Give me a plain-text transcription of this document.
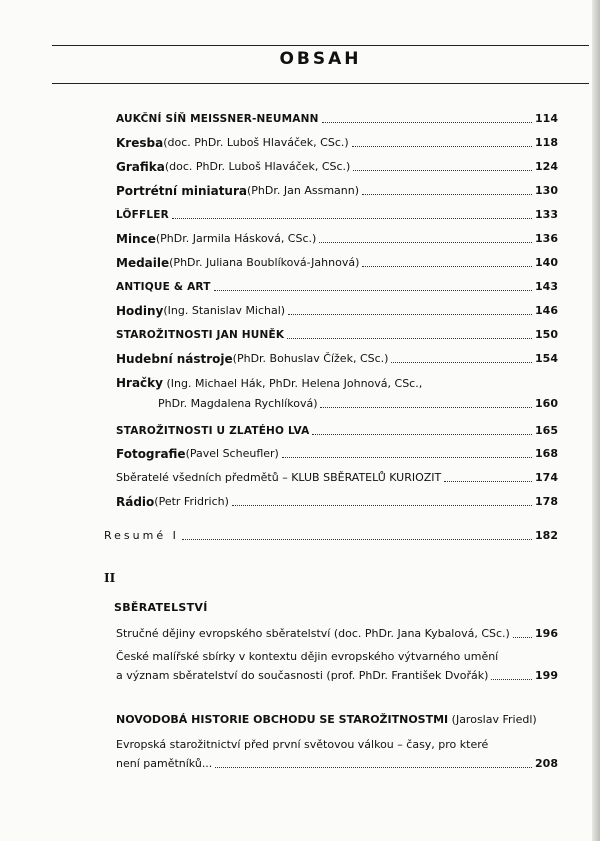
OBSAH
AUKČNÍ SÍŇ MEISSNER-NEUMANN	114
Kresba (doc. PhDr. Luboš Hlaváček, CSc.)	118
Grafika (doc. PhDr. Luboš Hlaváček, CSc.)	124
Portrétní miniatura (PhDr. Jan Assmann)	130
LÖFFLER	133
Mince (PhDr. Jarmila Hásková, CSc.)	136
Medaile (PhDr. Juliana Boublíková-Jahnová)	140
ANTIQUE & ART	143
Hodiny (Ing. Stanislav Michal)	146
STAROŽITNOSTI JAN HUNĚK	150
Hudební nástroje (PhDr. Bohuslav Čížek, CSc.)	154
Hračky (Ing. Michael Hák, PhDr. Helena Johnová, CSc.,
PhDr. Magdalena Rychlíková)	160
STAROŽITNOSTI U ZLATÉHO LVA	165
Fotografie (Pavel Scheufler)	168
Sběratelé všedních předmětů – KLUB SBĚRATELŮ KURIOZIT	174
Rádio (Petr Fridrich)	178
Resumé I	182
II
SBĚRATELSTVÍ
Stručné dějiny evropského sběratelství (doc. PhDr. Jana Kybalová, CSc.) 196
České malířské sbírky v kontextu dějin evropského výtvarného umění
a význam sběratelství do současnosti (prof. PhDr. František Dvořák)	199
NOVODOBÁ HISTORIE OBCHODU SE STAROŽITNOSTMI (Jaroslav Friedl)
Evropská starožitnictví před první světovou válkou – časy, pro které
není pamětníků...	208
